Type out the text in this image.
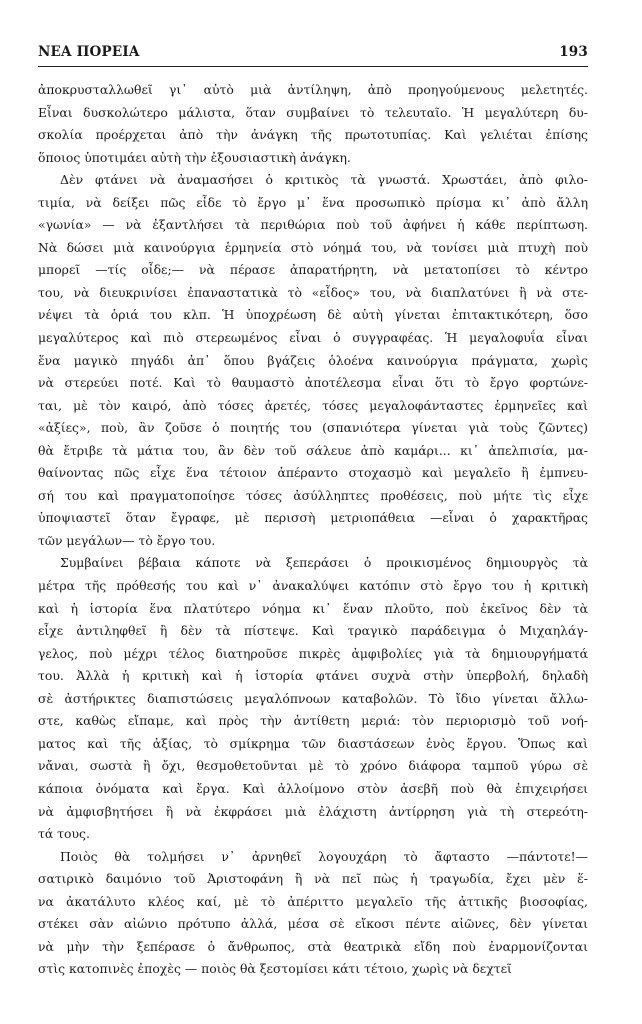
ΝΕΑ ΠΟΡΕΙΑ	193

ἀποκρυσταλλωθεῖ γι᾿ αὐτὸ μιὰ ἀντίληψη, ἀπὸ προηγούμενους μελετητές.
Εἶναι δυσκολώτερο μάλιστα, ὅταν συμβαίνει τὸ τελευταῖο. Ἡ μεγαλύτερη δυ-
σκολία προέρχεται ἀπὸ τὴν ἀνάγκη τῆς πρωτοτυπίας. Καὶ γελιέται ἐπίσης
ὅποιος ὑποτιμάει αὐτὴ τὴν ἐξουσιαστικὴ ἀνάγκη.

Δὲν φτάνει νὰ ἀναμασήσει ὁ κριτικὸς τὰ γνωστά. Χρωστάει, ἀπὸ φιλο-
τιμία, νὰ δείξει πῶς εἶδε τὸ ἔργο μ᾿ ἕνα προσωπικὸ πρίσμα κι᾿ ἀπὸ ἄλλη
«γωνία» — νὰ ἐξαντλήσει τὰ περιθώρια ποὺ τοῦ ἀφήνει ἡ κάθε περίπτωση.
Νὰ δώσει μιὰ καινούργια ἑρμηνεία στὸ νόημά του, νὰ τονίσει μιὰ πτυχὴ ποὺ
μπορεῖ —τίς οἶδε;— νὰ πέρασε ἀπαρατήρητη, νὰ μετατοπίσει τὸ κέντρο
του, νὰ διευκρινίσει ἐπαναστατικὰ τὸ «εἶδος» του, νὰ διαπλατύνει ἢ νὰ στε-
νέψει τὰ ὁριά του κλπ. Ἡ ὑποχρέωση δὲ αὐτὴ γίνεται ἐπιτακτικότερη, ὅσο
μεγαλύτερος καὶ πιὸ στερεωμένος εἶναι ὁ συγγραφέας. Ἡ μεγαλοφυΐα εἶναι
ἕνα μαγικὸ πηγάδι ἀπ᾿ ὅπου βγάζεις ὁλοένα καινούργια πράγματα, χωρὶς
νὰ στερεύει ποτέ. Καὶ τὸ θαυμαστὸ ἀποτέλεσμα εἶναι ὅτι τὸ ἔργο φορτώνε-
ται, μὲ τὸν καιρό, ἀπὸ τόσες ἀρετές, τόσες μεγαλοφάνταστες ἑρμηνεῖες καὶ
«ἀξίες», ποὺ, ἂν ζοῦσε ὁ ποιητής του (σπανιότερα γίνεται γιὰ τοὺς ζῶντες)
θὰ ἔτριβε τὰ μάτια του, ἂν δὲν τοῦ σάλευε ἀπὸ καμάρι... κι᾿ ἀπελπισία, μα-
θαίνοντας πῶς εἶχε ἕνα τέτοιον ἀπέραντο στοχασμὸ καὶ μεγαλεῖο ἢ ἐμπνευ-
σή του καὶ πραγματοποίησε τόσες ἀσύλληπτες προθέσεις, ποὺ μήτε τὶς εἶχε
ὑποψιαστεῖ ὅταν ἔγραφε, μὲ περισσὴ μετριοπάθεια —εἶναι ὁ χαρακτῆρας
τῶν μεγάλων— τὸ ἔργο του.

Συμβαίνει βέβαια κάποτε νὰ ξεπεράσει ὁ προικισμένος δημιουργὸς τὰ
μέτρα τῆς πρόθεσής του καὶ ν᾿ ἀνακαλύψει κατόπιν στὸ ἔργο του ἡ κριτικὴ
καὶ ἡ ἱστορία ἕνα πλατύτερο νόημα κι᾿ ἕναν πλοῦτο, ποὺ ἐκεῖνος δὲν τὰ
εἶχε ἀντιληφθεῖ ἢ δὲν τὰ πίστεψε. Καὶ τραγικὸ παράδειγμα ὁ Μιχαηλάγ-
γελος, ποὺ μέχρι τέλος διατηροῦσε πικρὲς ἀμφιβολίες γιὰ τὰ δημιουργήματά
του. Ἀλλὰ ἡ κριτικὴ καὶ ἡ ἱστορία φτάνει συχνὰ στὴν ὑπερβολή, δηλαδὴ
σὲ ἀστήρικτες διαπιστώσεις μεγαλόπνοων καταβολῶν. Τὸ ἴδιο γίνεται ἄλλω-
στε, καθὼς εἴπαμε, καὶ πρὸς τὴν ἀντίθετη μεριά: τὸν περιορισμὸ τοῦ νοή-
ματος καὶ τῆς ἀξίας, τὸ σμίκρημα τῶν διαστάσεων ἑνὸς ἔργου. Ὅπως καὶ
νἄναι, σωστὰ ἢ ὄχι, θεσμοθετοῦνται μὲ τὸ χρόνο διάφορα ταμποῦ γύρω σὲ
κάποια ὀνόματα καὶ ἔργα. Καὶ ἀλλοίμονο στὸν ἀσεβῆ ποὺ θὰ ἐπιχειρήσει
νὰ ἀμφισβητήσει ἢ νὰ ἐκφράσει μιὰ ἐλάχιστη ἀντίρρηση γιὰ τὴ στερεότη-
τά τους.

Ποιὸς θὰ τολμήσει ν᾿ ἀρνηθεῖ λογουχάρη τὸ ἄφταστο —πάντοτε!—
σατιρικὸ δαιμόνιο τοῦ Ἀριστοφάνη ἢ νὰ πεῖ πὼς ἡ τραγωδία, ἔχει μὲν ἕ-
να ἀκατάλυτο κλέος καί, μὲ τὸ ἀπέριττο μεγαλεῖο τῆς ἀττικῆς βιοσοφίας,
στέκει σὰν αἰώνιο πρότυπο ἀλλά, μέσα σὲ εἴκοσι πέντε αἰῶνες, δὲν γίνεται
νὰ μὴν τὴν ξεπέρασε ὁ ἄνθρωπος, στὰ θεατρικὰ εἴδη ποὺ ἐναρμονίζονται
στὶς κατοπινὲς ἐποχὲς — ποιὸς θὰ ξεστομίσει κάτι τέτοιο, χωρὶς νὰ δεχτεῖ
